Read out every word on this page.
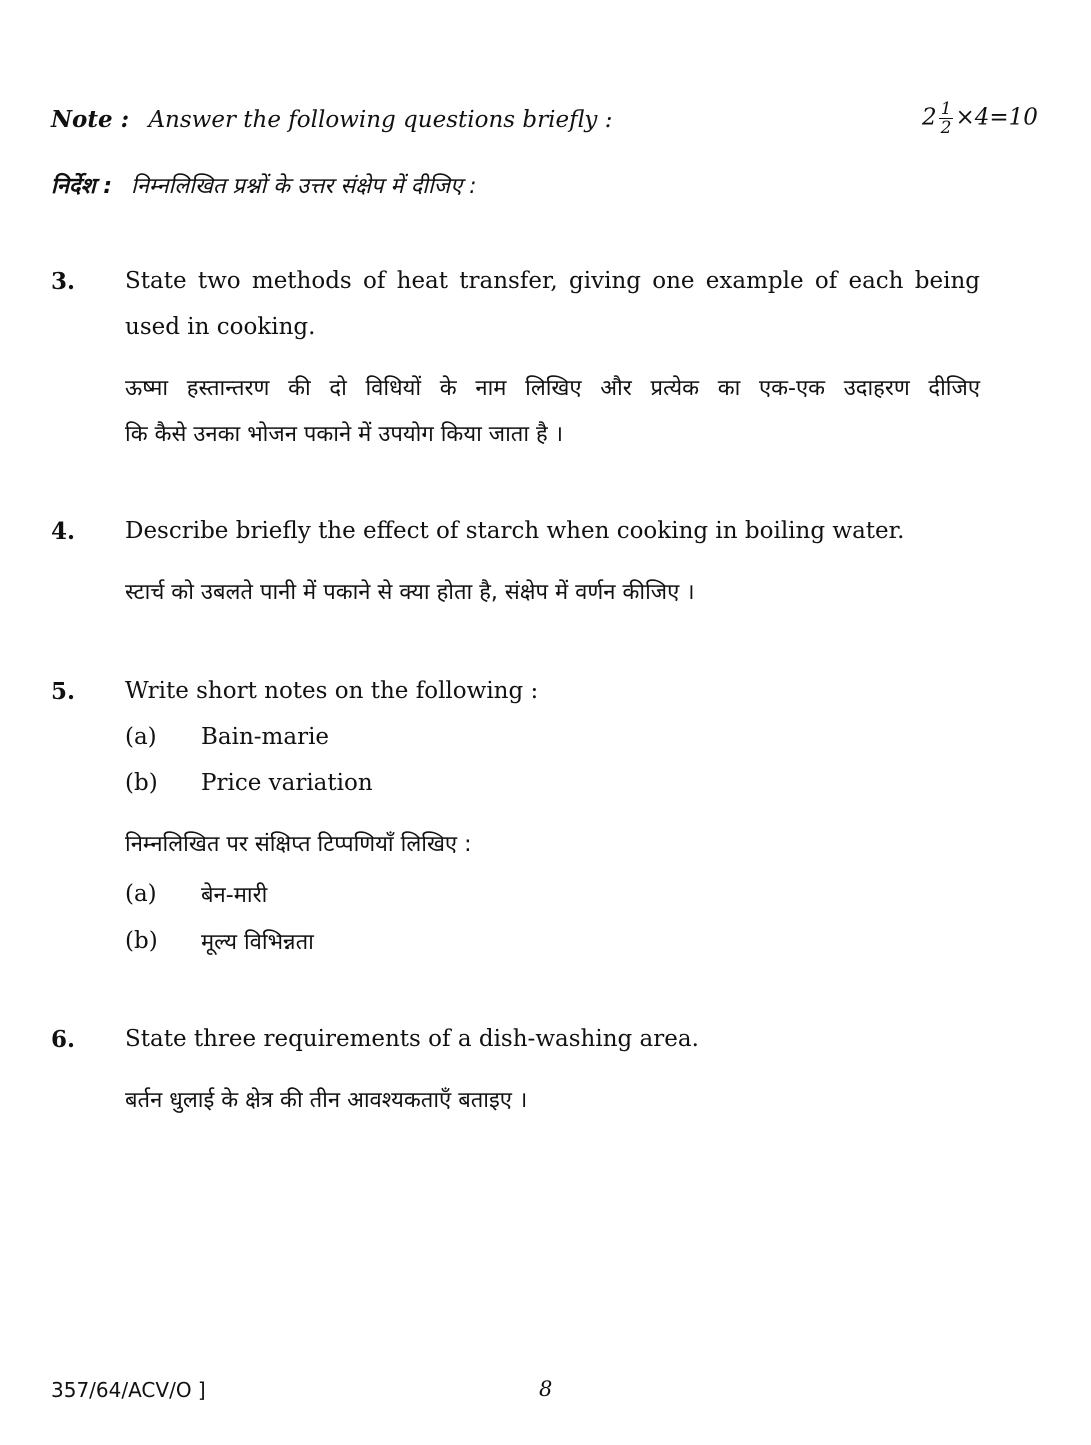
Note : Answer the following questions briefly :	$2 \frac{1}{2} \times 4=10$
निर्देश : निम्नलिखित प्रश्नों के उत्तर संक्षेप में दीजिए :
3. State two methods of heat transfer, giving one example of each being
used in cooking.
ऊष्मा हस्तान्तरण की दो विधियों के नाम लिखिए और प्रत्येक का एक-एक उदाहरण दीजिए
कि कैसे उनका भोजन पकाने में उपयोग किया जाता है ।
4. Describe briefly the effect of starch when cooking in boiling water.
स्टार्च को उबलते पानी में पकाने से क्या होता है, संक्षेप में वर्णन कीजिए ।
5. Write short notes on the following :
(a) Bain-marie
(b) Price variation
निम्नलिखित पर संक्षिप्त टिप्पणियाँ लिखिए :
(a) बेन-मारी
(b) मूल्य विभिन्नता
6. State three requirements of a dish-washing area.
बर्तन धुलाई के क्षेत्र की तीन आवश्यकताएँ बताइए ।
357/64/ACV/O ]	8
